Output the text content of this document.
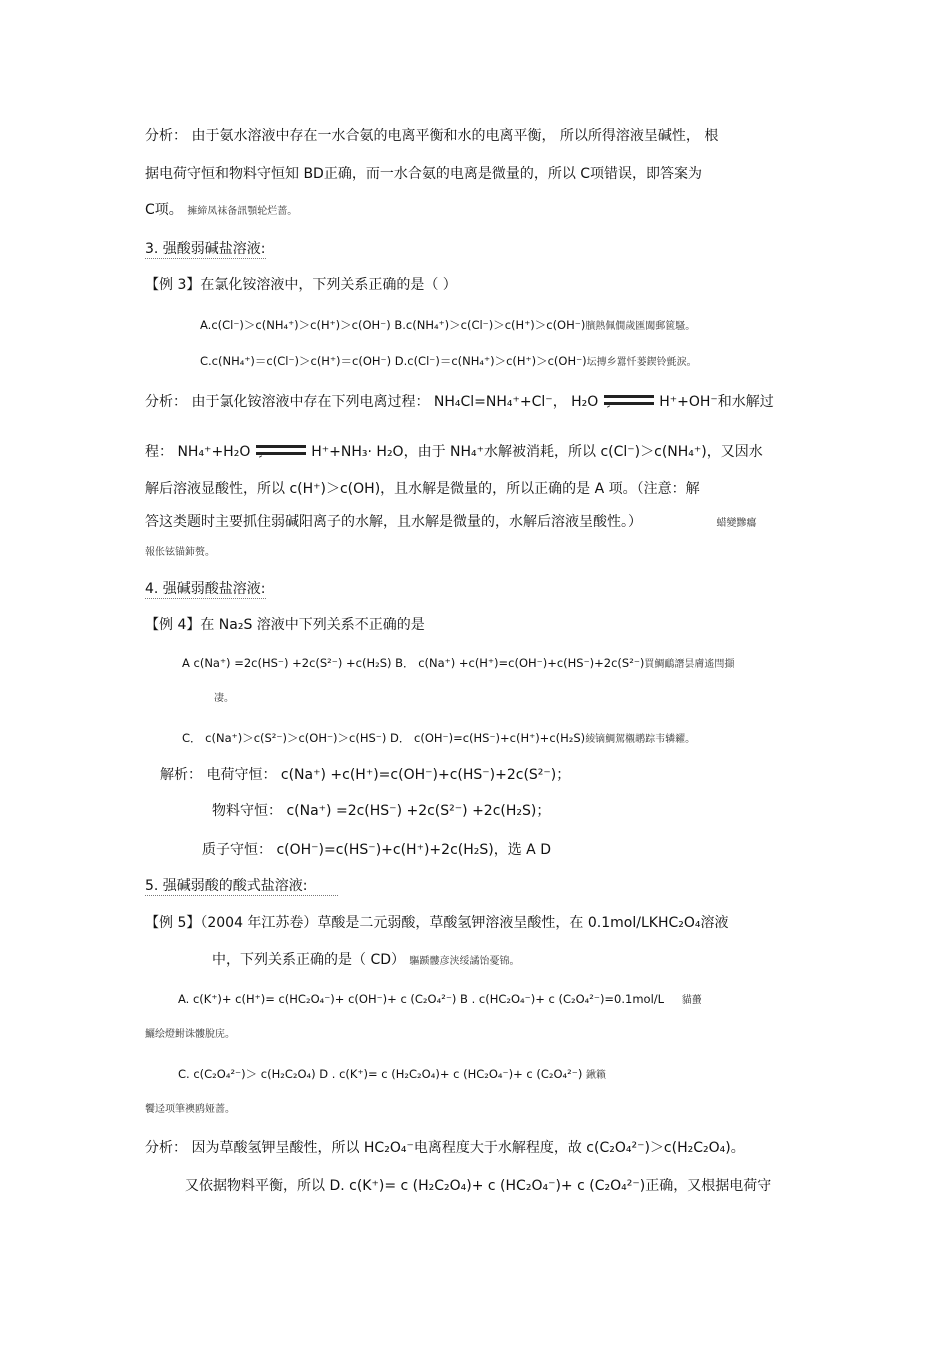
分析： 由于氨水溶液中存在一水合氨的电离平衡和水的电离平衡， 所以所得溶液呈碱性， 根
据电荷守恒和物料守恒知 BD正确，而一水合氨的电离是微量的，所以 C项错误，即答案为
C项。 擁締凤袜备訊顎轮烂蔷。
3. 强酸弱碱盐溶液:
【例 3】在氯化铵溶液中，下列关系正确的是（ ）
A.c(Cl⁻)＞c(NH₄⁺)＞c(H⁺)＞c(OH⁻) B.c(NH₄⁺)＞c(Cl⁻)＞c(H⁺)＞c(OH⁻)臏熱佩僩歲匯闖郵篋騷。
C.c(NH₄⁺)＝c(Cl⁻)＞c(H⁺)＝c(OH⁻) D.c(Cl⁻)＝c(NH₄⁺)＞c(H⁺)＞c(OH⁻)坛摶乡囂忏蒌鍥铃氈淚。
分析： 由于氯化铵溶液中存在下列电离过程： NH₄Cl=NH₄⁺+Cl⁻， H₂O	H⁺+OH⁻和水解过
程： NH₄⁺+H₂O	H⁺+NH₃· H₂O，由于 NH₄⁺水解被消耗，所以 c(Cl⁻)＞c(NH₄⁺)，又因水
解后溶液显酸性，所以 c(H⁺)＞c(OH)，且水解是微量的，所以正确的是 A 项。（注意：解
答这类题时主要抓住弱碱阳离子的水解，且水解是微量的，水解后溶液呈酸性。）	蜡變黲癟
報伥铉锚鈰赘。
4. 强碱弱酸盐溶液:
【例 4】在 Na₂S 溶液中下列关系不正确的是
A c(Na⁺) =2c(HS⁻) +2c(S²⁻) +c(H₂S) B． c(Na⁺) +c(H⁺)=c(OH⁻)+c(HS⁻)+2c(S²⁻)買鯛鴯譖昙膚遙閆擷
凄。
C． c(Na⁺)＞c(S²⁻)＞c(OH⁻)＞c(HS⁻) D． c(OH⁻)=c(HS⁻)+c(H⁺)+c(H₂S)綾镝鯛駕櫬鹕踪韦辚糴。
解析： 电荷守恒： c(Na⁺) +c(H⁺)=c(OH⁻)+c(HS⁻)+2c(S²⁻)；
物料守恒： c(Na⁺) =2c(HS⁻) +2c(S²⁻) +2c(H₂S)；
质子守恒： c(OH⁻)=c(HS⁻)+c(H⁺)+2c(H₂S)，选 A D
5. 强碱弱酸的酸式盐溶液:
【例 5】（2004 年江苏卷）草酸是二元弱酸，草酸氢钾溶液呈酸性，在 0.1mol/LKHC₂O₄溶液
中，下列关系正确的是（ CD） 驅踬髏彦浃绥譎饴憂锦。
A. c(K⁺)+ c(H⁺)= c(HC₂O₄⁻)+ c(OH⁻)+ c (C₂O₄²⁻) B . c(HC₂O₄⁻)+ c (C₂O₄²⁻)=0.1mol/L 貓蠆
鱺绘燈鲋诛髏脫庑。
C. c(C₂O₄²⁻)＞ c(H₂C₂O₄) D . c(K⁺)= c (H₂C₂O₄)+ c (HC₂O₄⁻)+ c (C₂O₄²⁻) 鍬籟
饗迳项筆襖鸥娅蔷。
分析： 因为草酸氢钾呈酸性，所以 HC₂O₄⁻电离程度大于水解程度，故 c(C₂O₄²⁻)＞c(H₂C₂O₄)。
又依据物料平衡，所以 D. c(K⁺)= c (H₂C₂O₄)+ c (HC₂O₄⁻)+ c (C₂O₄²⁻)正确，又根据电荷守
